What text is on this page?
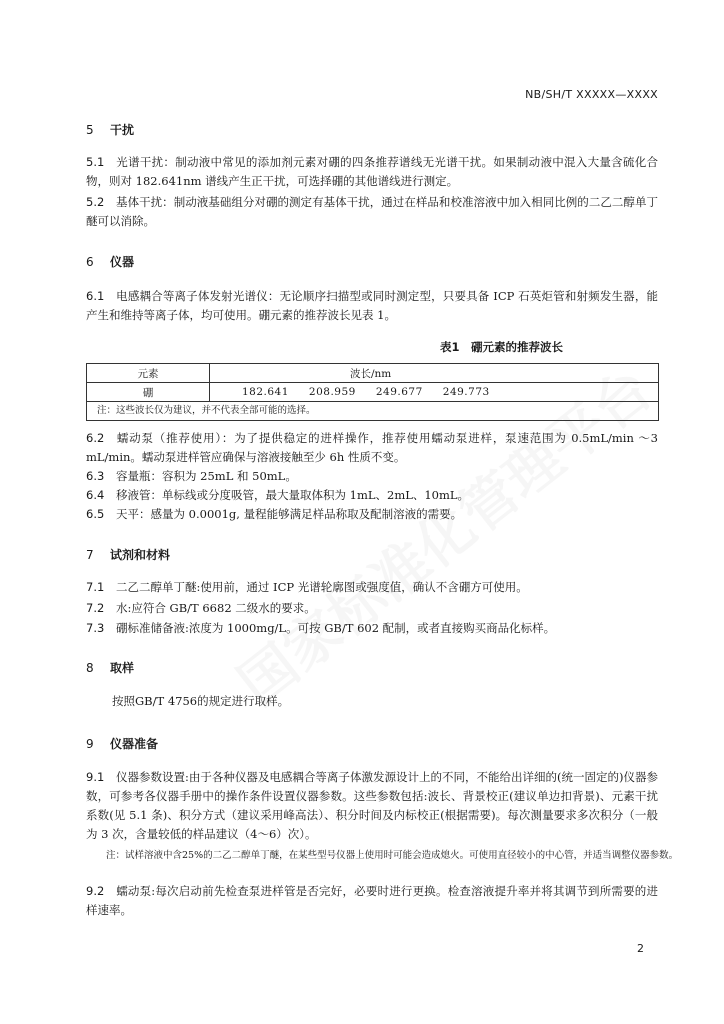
NB/SH/T XXXXX—XXXX
5 干扰
5.1 光谱干扰：制动液中常见的添加剂元素对硼的四条推荐谱线无光谱干扰。如果制动液中混入大量含硫化合物，则对 182.641nm 谱线产生正干扰，可选择硼的其他谱线进行测定。
5.2 基体干扰：制动液基础组分对硼的测定有基体干扰，通过在样品和校准溶液中加入相同比例的二乙二醇单丁醚可以消除。
6 仪器
6.1 电感耦合等离子体发射光谱仪：无论顺序扫描型或同时测定型，只要具备 ICP 石英炬管和射频发生器，能产生和维持等离子体，均可使用。硼元素的推荐波长见表 1。
表1　硼元素的推荐波长
元素	波长/nm
硼	182.641 208.959 249.677 249.773
注：这些波长仅为建议，并不代表全部可能的选择。	
6.2 蠕动泵（推荐使用）：为了提供稳定的进样操作，推荐使用蠕动泵进样，泵速范围为 0.5mL/min ～3 mL/min。蠕动泵进样管应确保与溶液接触至少 6h 性质不变。
6.3 容量瓶：容积为 25mL 和 50mL。
6.4 移液管：单标线或分度吸管，最大量取体积为 1mL、2mL、10mL。
6.5 天平：感量为 0.0001g, 量程能够满足样品称取及配制溶液的需要。
7 试剂和材料
7.1 二乙二醇单丁醚:使用前，通过 ICP 光谱轮廓图或强度值，确认不含硼方可使用。
7.2 水:应符合 GB/T 6682 二级水的要求。
7.3 硼标准储备液:浓度为 1000mg/L。可按 GB/T 602 配制，或者直接购买商品化标样。
8 取样
按照GB/T 4756的规定进行取样。
9 仪器准备
9.1 仪器参数设置:由于各种仪器及电感耦合等离子体激发源设计上的不同，不能给出详细的(统一固定的)仪器参数，可参考各仪器手册中的操作条件设置仪器参数。这些参数包括:波长、背景校正(建议单边扣背景)、元素干扰系数(见 5.1 条)、积分方式（建议采用峰高法）、积分时间及内标校正(根据需要)。每次测量要求多次积分（一般为 3 次，含量较低的样品建议（4～6）次）。
注：试样溶液中含25%的二乙二醇单丁醚，在某些型号仪器上使用时可能会造成熄火。可使用直径较小的中心管，并适当调整仪器参数。
9.2 蠕动泵:每次启动前先检查泵进样管是否完好，必要时进行更换。检查溶液提升率并将其调节到所需要的进样速率。
2
